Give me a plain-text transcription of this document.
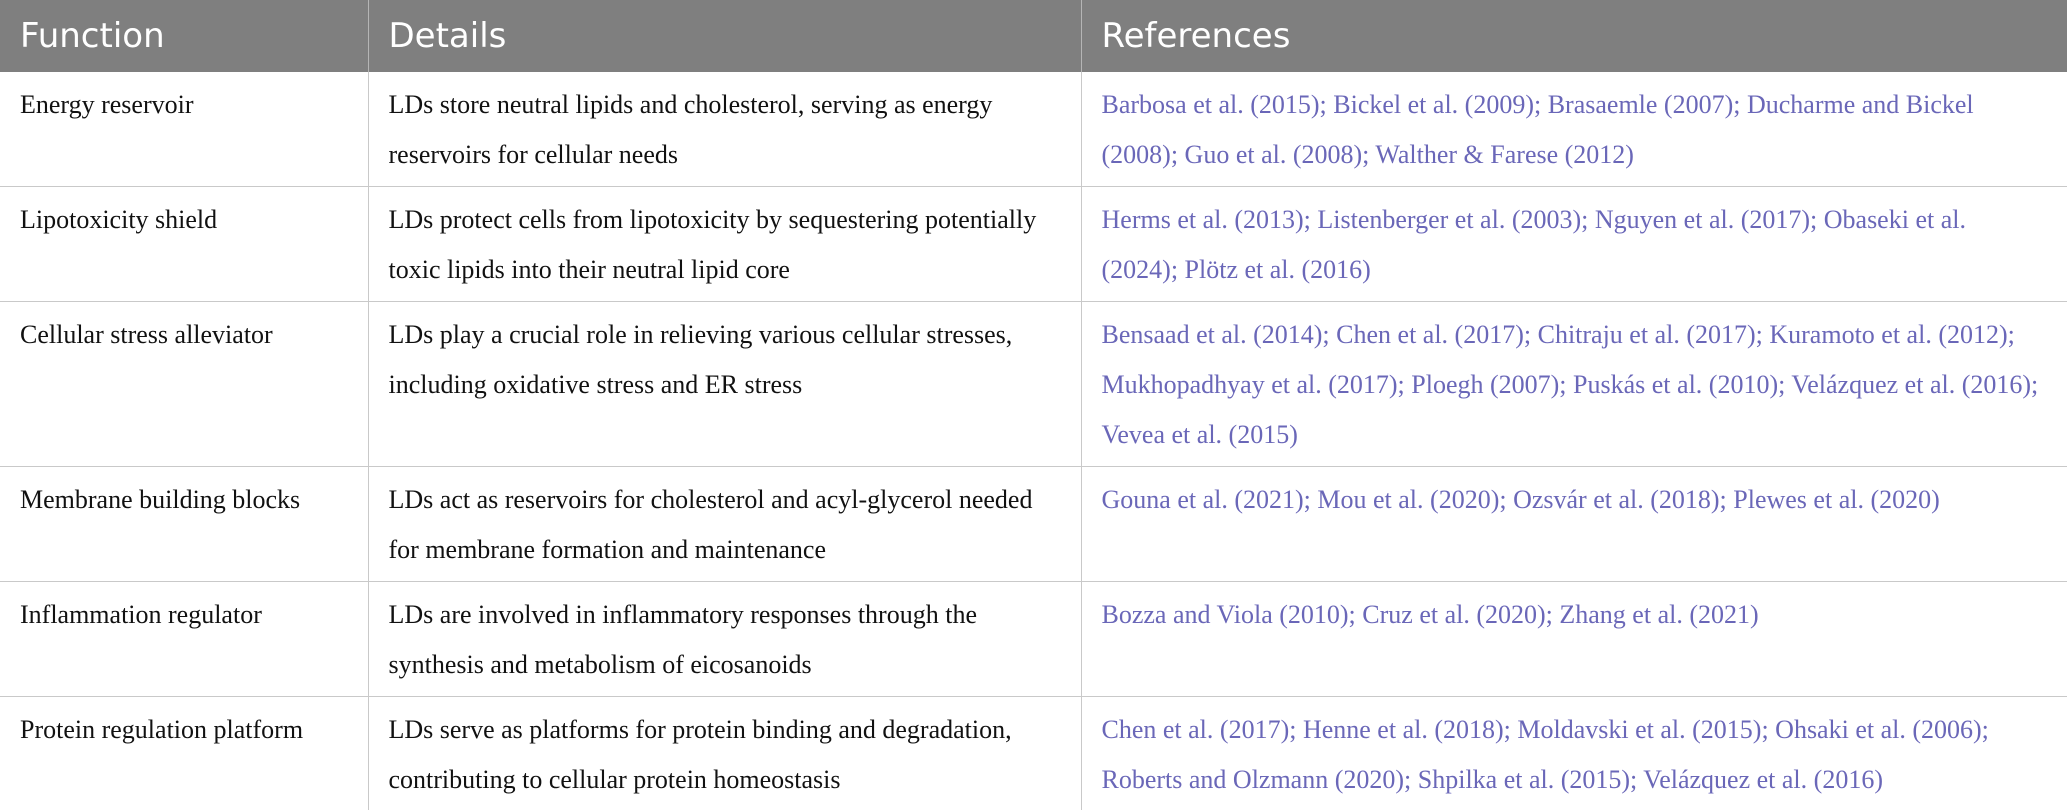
Function	Details	References
Energy reservoir	LDs store neutral lipids and cholesterol, serving as energy reservoirs for cellular needs	Barbosa et al. (2015); Bickel et al. (2009); Brasaemle (2007); Ducharme and Bickel (2008); Guo et al. (2008); Walther & Farese (2012)
Lipotoxicity shield	LDs protect cells from lipotoxicity by sequestering potentially toxic lipids into their neutral lipid core	Herms et al. (2013); Listenberger et al. (2003); Nguyen et al. (2017); Obaseki et al. (2024); Plötz et al. (2016)
Cellular stress alleviator	LDs play a crucial role in relieving various cellular stresses, including oxidative stress and ER stress	Bensaad et al. (2014); Chen et al. (2017); Chitraju et al. (2017); Kuramoto et al. (2012); Mukhopadhyay et al. (2017); Ploegh (2007); Puskás et al. (2010); Velázquez et al. (2016); Vevea et al. (2015)
Membrane building blocks	LDs act as reservoirs for cholesterol and acyl-glycerol needed for membrane formation and maintenance	Gouna et al. (2021); Mou et al. (2020); Ozsvár et al. (2018); Plewes et al. (2020)
Inflammation regulator	LDs are involved in inflammatory responses through the synthesis and metabolism of eicosanoids	Bozza and Viola (2010); Cruz et al. (2020); Zhang et al. (2021)
Protein regulation platform	LDs serve as platforms for protein binding and degradation, contributing to cellular protein homeostasis	Chen et al. (2017); Henne et al. (2018); Moldavski et al. (2015); Ohsaki et al. (2006); Roberts and Olzmann (2020); Shpilka et al. (2015); Velázquez et al. (2016)
